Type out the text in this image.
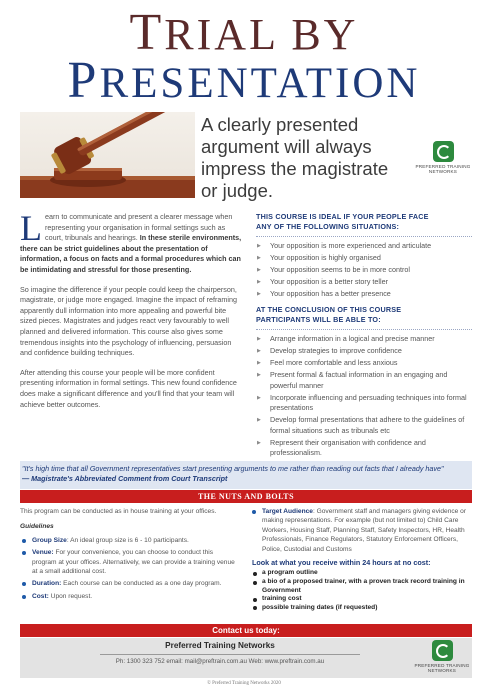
TRIAL BY
PRESENTATION
A clearly presented argument will always impress the magistrate or judge.
PREFERRED TRAINING NETWORKS

Learn to communicate and present a clearer message when representing your organisation in formal settings such as court, tribunals and hearings. In these sterile environments, there can be strict guidelines about the presentation of information, a focus on facts and a formal procedures which can be intimidating and stressful for those presenting.

So imagine the difference if your people could keep the chairperson, magistrate, or judge more engaged. Imagine the impact of reframing apparently dull information into more appealing and powerful bite sized pieces. Magistrates and judges react very favourably to well planned and delivered information. This course also gives some tremendous insights into the psychology of influencing, persuasion and confidence building techniques.

After attending this course your people will be more confident presenting information in formal settings. This new found confidence does make a significant difference and you'll find that your team will achieve better outcomes.

THIS COURSE IS IDEAL IF YOUR PEOPLE FACE
ANY OF THE FOLLOWING SITUATIONS:
▶ Your opposition is more experienced and articulate
▶ Your opposition is highly organised
▶ Your opposition seems to be in more control
▶ Your opposition is a better story teller
▶ Your opposition has a better presence
AT THE CONCLUSION OF THIS COURSE
PARTICIPANTS WILL BE ABLE TO:
▶ Arrange information in a logical and precise manner
▶ Develop strategies to improve confidence
▶ Feel more comfortable and less anxious
▶ Present formal & factual information in an engaging and powerful manner
▶ Incorporate influencing and persuading techniques into formal presentations
▶ Develop formal presentations that adhere to the guidelines of formal situations such as tribunals etc
▶ Represent their organisation with confidence and professionalism.
"It's high time that all Government representatives start presenting arguments to me rather than reading out facts that I already have"
— Magistrate's Abbreviated Comment from Court Transcript
THE NUTS AND BOLTS
This program can be conducted as in house training at your offices.
Guidelines
Group Size: An ideal group size is 6 - 10 participants.
Venue: For your convenience, you can choose to conduct this program at your offices. Alternatively, we can provide a training venue at a small additional cost.
Duration: Each course can be conducted as a one day program.
Cost: Upon request.
Target Audience: Government staff and managers giving evidence or making representations. For example (but not limited to) Child Care Workers, Housing Staff, Planning Staff, Safety Inspectors, HR, Health Professionals, Finance Regulators, Statutory Enforcement Officers, Police, Custodial and Customs
Look at what you receive within 24 hours at no cost:
a program outline
a bio of a proposed trainer, with a proven track record training in Government
training cost
possible training dates (if requested)
Contact us today:
Preferred Training Networks
Ph: 1300 323 752 email: mail@preftrain.com.au Web: www.preftrain.com.au
PREFERRED TRAINING NETWORKS
© Preferred Training Networks 2020
